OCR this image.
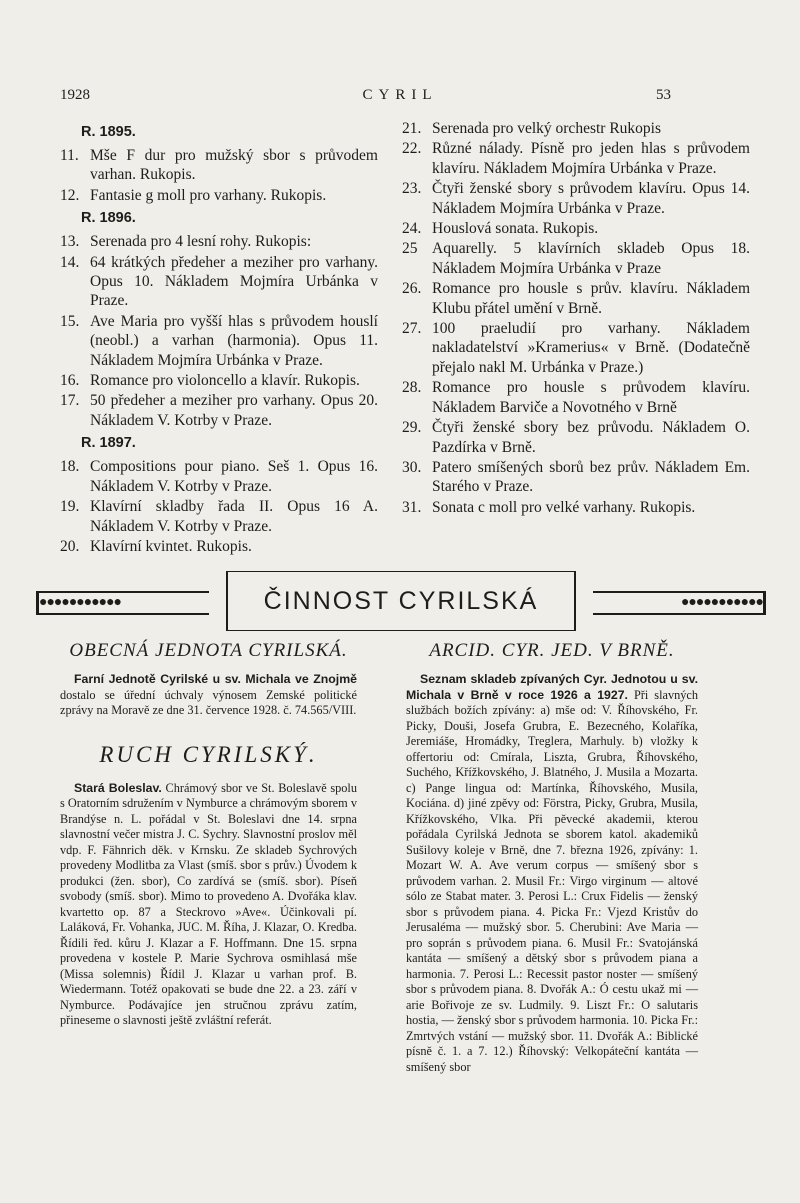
1928	CYRIL	53
R. 1895.
11. Mše F dur pro mužský sbor s průvodem varhan. Rukopis.
12. Fantasie g moll pro varhany. Rukopis.
R. 1896.
13. Serenada pro 4 lesní rohy. Rukopis:
14. 64 krátkých předeher a meziher pro varhany. Opus 10. Nákladem Mojmíra Urbánka v Praze.
15. Ave Maria pro vyšší hlas s průvodem houslí (neobl.) a varhan (harmonia). Opus 11. Nákladem Mojmíra Urbánka v Praze.
16. Romance pro violoncello a klavír. Rukopis.
17. 50 předeher a meziher pro varhany. Opus 20. Nákladem V. Kotrby v Praze.
R. 1897.
18. Compositions pour piano. Seš 1. Opus 16. Nákladem V. Kotrby v Praze.
19. Klavírní skladby řada II. Opus 16 A. Nákladem V. Kotrby v Praze.
20. Klavírní kvintet. Rukopis.
21. Serenada pro velký orchestr Rukopis
22. Různé nálady. Písně pro jeden hlas s průvodem klavíru. Nákladem Mojmíra Urbánka v Praze.
23. Čtyři ženské sbory s průvodem klavíru. Opus 14. Nákladem Mojmíra Urbánka v Praze.
24. Houslová sonata. Rukopis.
25 Aquarelly. 5 klavírních skladeb Opus 18. Nákladem Mojmíra Urbánka v Praze
26. Romance pro housle s prův. klavíru. Nákladem Klubu přátel umění v Brně.
27. 100 praeludií pro varhany. Nákladem nakladatelství »Kramerius« v Brně. (Dodatečně přejalo nakl M. Urbánka v Praze.)
28. Romance pro housle s průvodem klavíru. Nákladem Barviče a Novotného v Brně
29. Čtyři ženské sbory bez průvodu. Nákladem O. Pazdírka v Brně.
30. Patero smíšených sborů bez prův. Nákladem Em. Starého v Praze.
31. Sonata c moll pro velké varhany. Rukopis.
●●●●●●●●●●●	ČINNOST CYRILSKÁ	●●●●●●●●●●●
OBECNÁ JEDNOTA CYRILSKÁ.

Farní Jednotě Cyrilské u sv. Michala ve Znojmě dostalo se úřední úchvaly výnosem Zemské politické zprávy na Moravě ze dne 31. července 1928. č. 74.565/VIII.

RUCH CYRILSKÝ.

Stará Boleslav. Chrámový sbor ve St. Boleslavě spolu s Oratorním sdružením v Nymburce a chrámovým sborem v Brandýse n. L. pořádal v St. Boleslavi dne 14. srpna slavnostní večer mistra J. C. Sychry. Slavnostní proslov měl vdp. F. Fähnrich děk. v Krnsku. Ze skladeb Sychrových provedeny Modlitba za Vlast (smíš. sbor s prův.) Úvodem k produkci (žen. sbor), Co zardívá se (smíš. sbor). Píseň svobody (smíš. sbor). Mimo to provedeno A. Dvořáka klav. kvartetto op. 87 a Steckrovo »Ave«. Účinkovali pí. Laláková, Fr. Vohanka, JUC. M. Říha, J. Klazar, O. Kredba. Řídili řed. kůru J. Klazar a F. Hoffmann. Dne 15. srpna provedena v kostele P. Marie Sychrova osmihlasá mše (Missa solemnis) Řídil J. Klazar u varhan prof. B. Wiedermann. Totéž opakovati se bude dne 22. a 23. září v Nymburce. Podávajíce jen stručnou zprávu zatím, přineseme o slavnosti ještě zvláštní referát.

ARCID. CYR. JED. V BRNĚ.

Seznam skladeb zpívaných Cyr. Jednotou u sv. Michala v Brně v roce 1926 a 1927. Při slavných službách božích zpívány: a) mše od: V. Říhovského, Fr. Picky, Douši, Josefa Grubra, E. Bezecného, Kolaříka, Jeremiáše, Hromádky, Treglera, Marhuly. b) vložky k offertoriu od: Cmírala, Liszta, Grubra, Říhovského, Suchého, Křížkovského, J. Blatného, J. Musila a Mozarta. c) Pange lingua od: Martínka, Říhovského, Musila, Kociána. d) jiné zpěvy od: Förstra, Picky, Grubra, Musila, Křížkovského, Vlka. Při pěvecké akademii, kterou pořádala Cyrilská Jednota se sborem katol. akademiků Sušilovy koleje v Brně, dne 7. března 1926, zpívány: 1. Mozart W. A. Ave verum corpus — smíšený sbor s průvodem varhan. 2. Musil Fr.: Virgo virginum — altové sólo ze Stabat mater. 3. Perosi L.: Crux Fidelis — ženský sbor s průvodem piana. 4. Picka Fr.: Vjezd Kristův do Jerusaléma — mužský sbor. 5. Cherubini: Ave Maria — pro soprán s průvodem piana. 6. Musil Fr.: Svatojánská kantáta — smíšený a dětský sbor s průvodem piana a harmonia. 7. Perosi L.: Recessit pastor noster — smíšený sbor s průvodem piana. 8. Dvořák A.: Ó cestu ukaž mi — arie Bořivoje ze sv. Ludmily. 9. Liszt Fr.: O salutaris hostia, — ženský sbor s průvodem harmonia. 10. Picka Fr.: Zmrtvých vstání — mužský sbor. 11. Dvořák A.: Biblické písně č. 1. a 7. 12.) Říhovský: Velkopáteční kantáta — smíšený sbor
